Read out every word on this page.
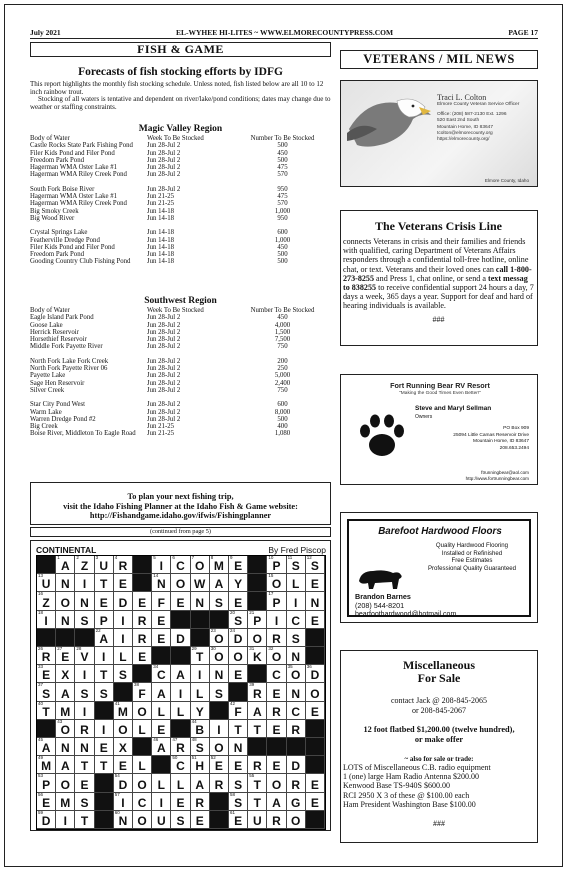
July 2021	EL-WYHEE HI-LITES ~ WWW.ELMORECOUNTYPRESS.COM	PAGE 17
FISH & GAME
Forecasts of fish stocking efforts by IDFG

This report highlights the monthly fish stocking schedule. Unless noted, fish listed below are all 10 to 12 inch rainbow trout.

Stocking of all waters is tentative and dependent on river/lake/pond conditions; dates may change due to weather or staffing constraints.

Magic Valley Region
Body of Water	Week To Be Stocked	Number To Be Stocked
Castle Rocks State Park Fishing Pond	Jun 28-Jul 2	500
Filer Kids Pond and Filer Pond	Jun 28-Jul 2	450
Freedom Park Pond	Jun 28-Jul 2	500
Hagerman WMA Oster Lake #1	Jun 28-Jul 2	475
Hagerman WMA Riley Creek Pond	Jun 28-Jul 2	570

South Fork Boise River	Jun 28-Jul 2	950
Hagerman WMA Oster Lake #1	Jun 21-25	475
Hagerman WMA Riley Creek Pond	Jun 21-25	570
Big Smoky Creek	Jun 14-18	1,000
Big Wood River	Jun 14-18	950

Crystal Springs Lake	Jun 14-18	600
Featherville Dredge Pond	Jun 14-18	1,000
Filer Kids Pond and Filer Pond	Jun 14-18	450
Freedom Park Pond	Jun 14-18	500
Gooding Country Club Fishing Pond	Jun 14-18	500
Southwest Region
Body of Water	Week To Be Stocked	Number To Be Stocked
Eagle Island Park Pond	Jun 28-Jul 2	450
Goose Lake	Jun 28-Jul 2	4,000
Herrick Reservoir	Jun 28-Jul 2	1,500
Horsethief Reservoir	Jun 28-Jul 2	7,500
Middle Fork Payette River	Jun 28-Jul 2	750

North Fork Lake Fork Creek	Jun 28-Jul 2	200
North Fork Payette River 06	Jun 28-Jul 2	250
Payette Lake	Jun 28-Jul 2	5,000
Sage Hen Reservoir	Jun 28-Jul 2	2,400
Silver Creek	Jun 28-Jul 2	750

Star City Pond West	Jun 28-Jul 2	600
Warm Lake	Jun 28-Jul 2	8,000
Warren Dredge Pond #2	Jun 28-Jul 2	500
Big Creek	Jun 21-25	400
Boise River, Middleton To Eagle Road	Jun 21-25	1,080
To plan your next fishing trip,
visit the Idaho Fishing Planner at the Idaho Fish & Game website:
http://Fishandgame.idaho.gov/ifwis/Fishingplanner
(continued from page 5)
CONTINENTAL	By Fred Piscop
1
A
2
Z
3
U
4
R
5
I
6
C
7
O
8
M
9
E
10
P
11
S
12
S
13
U N I T E
14
N O W A Y
15
O L E
16
Z O N E D E F E N S E
17
P I N
18
I N S P I R E
20
S
21
P I C E
22
A I R E D
23
O
24
D O R S
26
R
27
E
28
V I L E
29
T
30
O O
31
K
32
O N
33
E X I T S
34
C A I N E	C
35
O
36
D
37
S A S S
38
F A I L S
39
R E N O
40
T M I
41
M O L L Y
42
F A R C E
43
O R I O L E
44
B I T T E R
45
A N N E X
46
A
47
R
48
S O N
49
M A T T E L
50
C
51
H
52
E E R E D
53
P O E
54
D O L L A R S
55
T O R E
56
E M S
57
I C I E R
58
S T A G E
59
D I T
60
N O U S E
61
E U R O
VETERANS / MIL NEWS
Traci L. Colton
Elmore County Veteran Service Officer
Office: (208) 587-2130 Ext. 1296
520 East 2nd South
Mountain Home, ID 83647
tcolton@elmorecounty.org
https://elmorecounty.org/
Elmore County, Idaho
The Veterans Crisis Line

connects Veterans in crisis and their families and friends with qualified, caring Department of Veterans Affairs responders through a confidential toll-free hotline, online chat, or text. Veterans and their loved ones can call 1-800-273-8255 and Press 1, chat online, or send a text messag to 838255 to receive confidential support 24 hours a day, 7 days a week, 365 days a year. Support for deaf and hard of hearing individuals is available.

###
Fort Running Bear RV Resort
"Making the Good Times Even Better!"
Steve and Maryl Sellman
Owners
PO Box 909
25094 Little Camas Reservoir Drive
Mountain Home, ID 83647
208.653.2494
ftrunningbear@aol.com
http://www.fortrunningbear.com
Barefoot Hardwood Floors
Quality Hardwood Flooring
Installed or Refinished
Free Estimates
Professional Quality Guaranteed
Brandon Barnes
(208) 544-8201
bearfoothardwood@hotmail.com
Miscellaneous
For Sale
contact Jack @ 208-845-2065
or 208-845-2067
12 foot flatbed $1,200.00 (twelve hundred),
or make offer
~ also for sale or trade:
LOTS of Miscellaneous C.B. radio equipment
1 (one) large Ham Radio Antenna $200.00
Kenwood Base TS-940S $600.00
RCI 2950 X 3 of these @ $100.00 each
Ham President Washington Base $100.00
###
